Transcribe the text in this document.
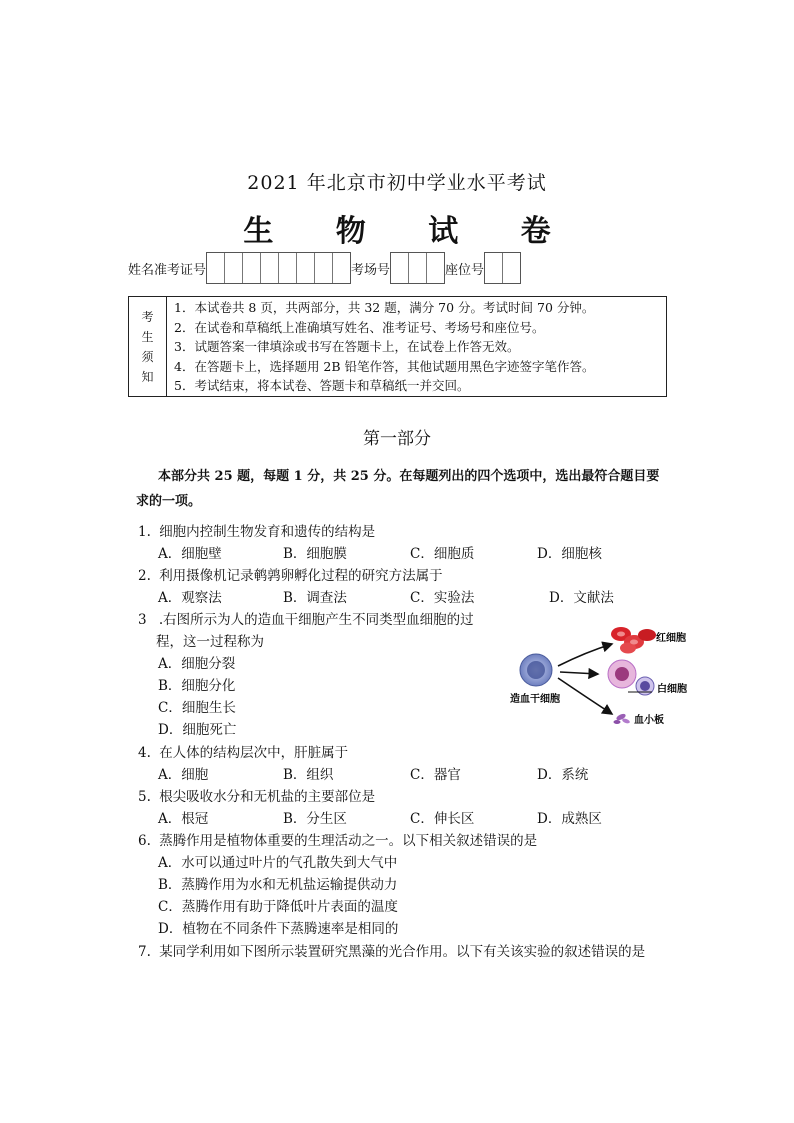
2021 年北京市初中学业水平考试
生 物 试 卷
姓名 准考证号	考场号	座位号
考
生
须
知
1．本试卷共 8 页，共两部分，共 32 题，满分 70 分。考试时间 70 分钟。
2．在试卷和草稿纸上准确填写姓名、准考证号、考场号和座位号。
3．试题答案一律填涂或书写在答题卡上，在试卷上作答无效。
4．在答题卡上，选择题用 2B 铅笔作答，其他试题用黑色字迹签字笔作答。
5．考试结束，将本试卷、答题卡和草稿纸一并交回。
第一部分
本部分共 25 题，每题 1 分，共 25 分。在每题列出的四个选项中，选出最符合题目要求的一项。
1. 细胞内控制生物发育和遗传的结构是
A．细胞壁	B．细胞膜	C．细胞质	D．细胞核
2. 利用摄像机记录鹌鹑卵孵化过程的研究方法属于
A．观察法	B．调查法	C．实验法	D．文献法
3 .右图所示为人的造血干细胞产生不同类型血细胞的过
程，这一过程称为
A．细胞分裂
B．细胞分化
C．细胞生长
D．细胞死亡
红细胞
白细胞
血小板
造血干细胞
4. 在人体的结构层次中，肝脏属于
A．细胞	B．组织	C．器官	D．系统
5. 根尖吸收水分和无机盐的主要部位是
A．根冠	B．分生区	C．伸长区	D．成熟区
6. 蒸腾作用是植物体重要的生理活动之一。以下相关叙述错误的是
A．水可以通过叶片的气孔散失到大气中
B．蒸腾作用为水和无机盐运输提供动力
C．蒸腾作用有助于降低叶片表面的温度
D．植物在不同条件下蒸腾速率是相同的
7. 某同学利用如下图所示装置研究黑藻的光合作用。以下有关该实验的叙述错误的是
